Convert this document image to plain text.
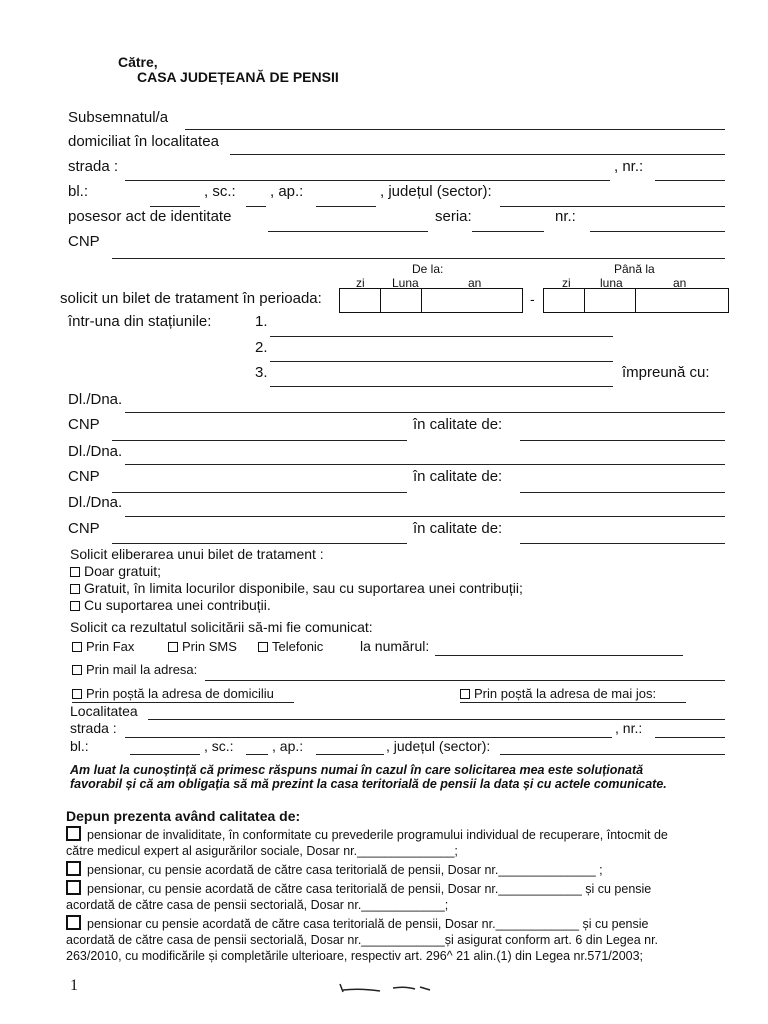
Către,
CASA JUDEȚEANĂ DE PENSII
Subsemnatul/a
domiciliat în localitatea
strada :	, nr.:
bl.:	, sc.: , ap.:	, județul (sector):
posesor act de identitate	seria:	nr.:
CNP
De la:	Până la
zi Luna	an	zi luna	an
solicit un bilet de tratament în perioada:	-
într-una din stațiunile:	1.
2.
3.	împreună cu:
Dl./Dna.
CNP	în calitate de:
Dl./Dna.
CNP	în calitate de:
Dl./Dna.
CNP	în calitate de:
Solicit eliberarea unui bilet de tratament :
Doar gratuit;
Gratuit, în limita locurilor disponibile, sau cu suportarea unei contribuții;
Cu suportarea unei contribuții.
Solicit ca rezultatul solicitării să-mi fie comunicat:
Prin Fax	Prin SMS	Telefonic	la numărul:
Prin mail la adresa:
Prin poștă la adresa de domiciliu	Prin poștă la adresa de mai jos:
Localitatea
strada :	, nr.:
bl.:	, sc.:	, ap.:	, județul (sector):
Am luat la cunoștință că primesc răspuns numai în cazul în care solicitarea mea este soluționată
favorabil și că am obligația să mă prezint la casa teritorială de pensii la data și cu actele comunicate.
Depun prezenta având calitatea de:
pensionar de invaliditate, în conformitate cu prevederile programului individual de recuperare, întocmit de
către medicul expert al asigurărilor sociale, Dosar nr.______________;
pensionar, cu pensie acordată de către casa teritorială de pensii, Dosar nr.______________ ;
pensionar, cu pensie acordată de către casa teritorială de pensii, Dosar nr.____________ și cu pensie
acordată de către casa de pensii sectorială, Dosar nr.____________;
pensionar cu pensie acordată de către casa teritorială de pensii, Dosar nr.____________ și cu pensie
acordată de către casa de pensii sectorială, Dosar nr.____________și asigurat conform art. 6 din Legea nr.
263/2010, cu modificările și completările ulterioare, respectiv art. 296^ 21 alin.(1) din Legea nr.571/2003;
1
